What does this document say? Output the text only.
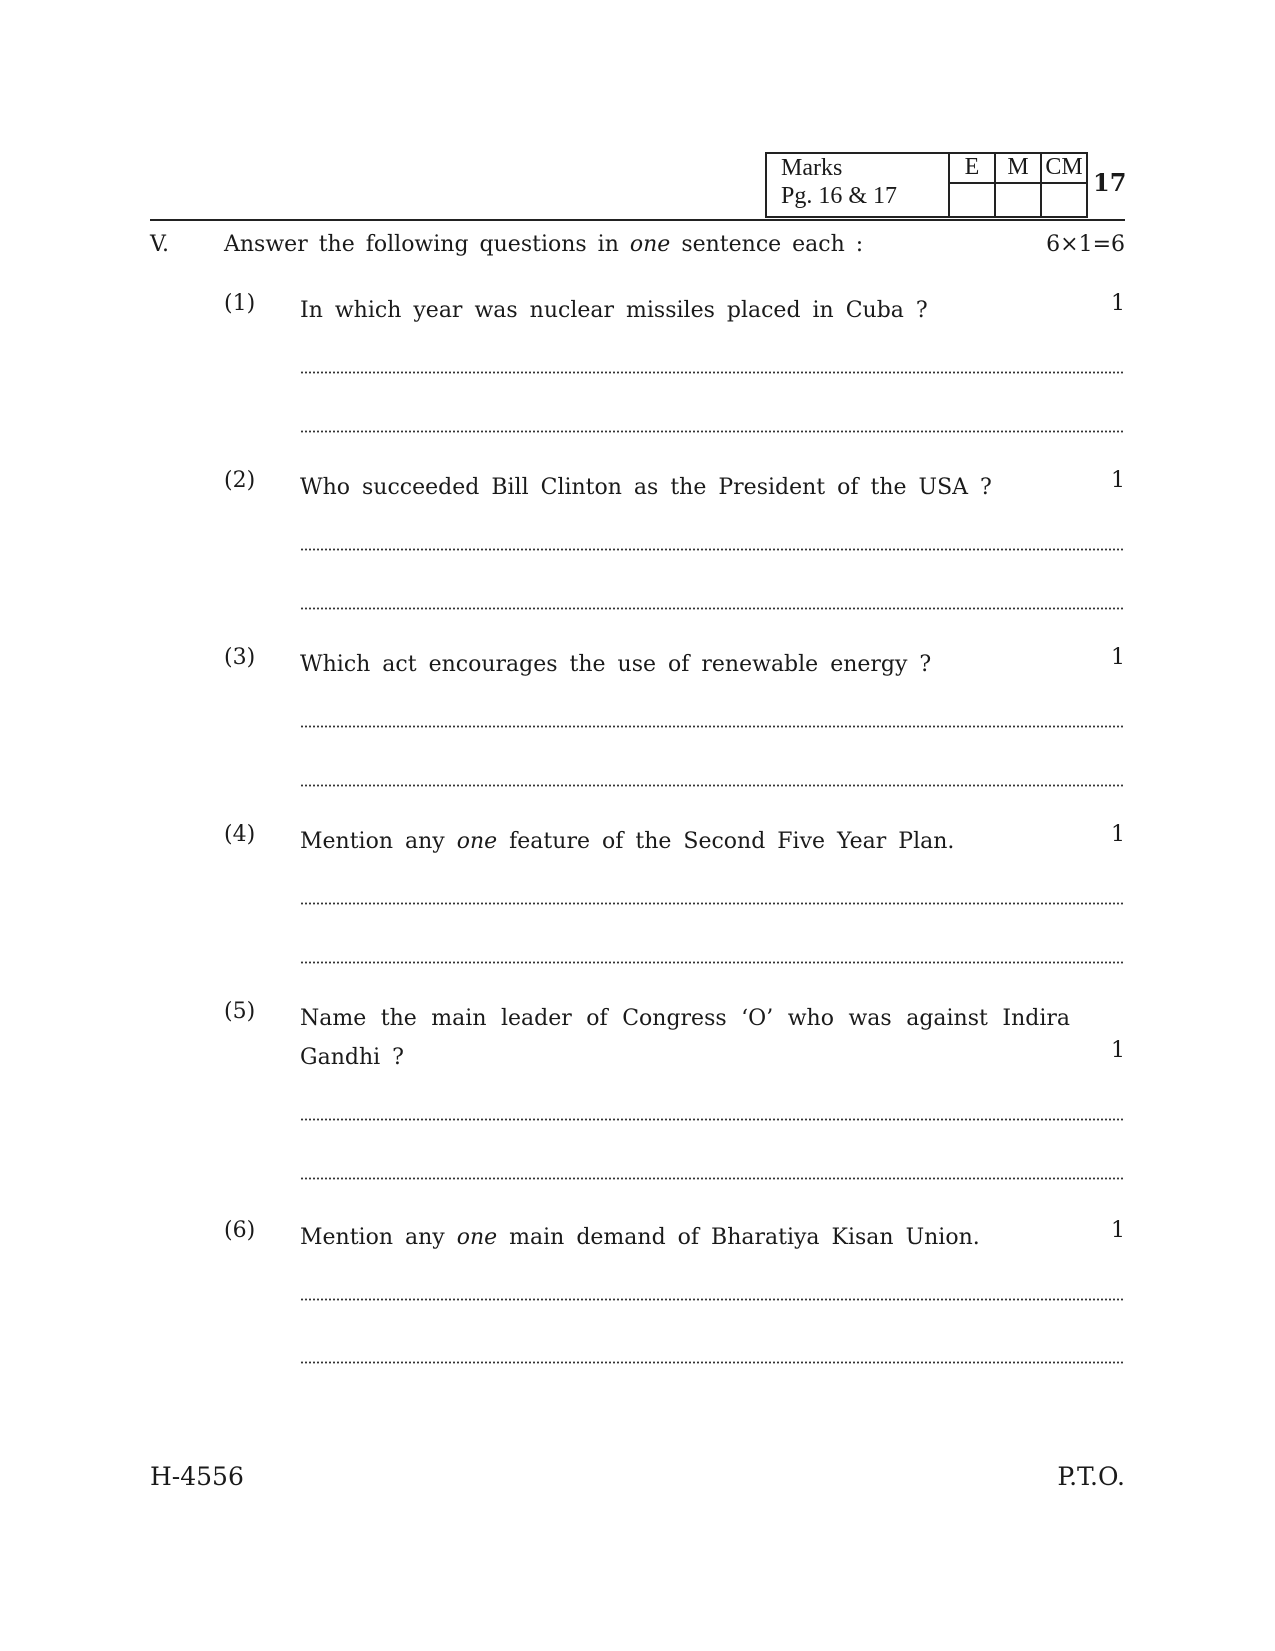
Marks
Pg. 16 & 17	E	M	CM

17
V. Answer the following questions in one sentence each :	6×1=6
(1) In which year was nuclear missiles placed in Cuba ?	1
(2) Who succeeded Bill Clinton as the President of the USA ?	1
(3) Which act encourages the use of renewable energy ?	1
(4) Mention any one feature of the Second Five Year Plan.	1
(5) Name the main leader of Congress ‘O’ who was against Indira Gandhi ?	1
(6) Mention any one main demand of Bharatiya Kisan Union.	1
H-4556	P.T.O.
